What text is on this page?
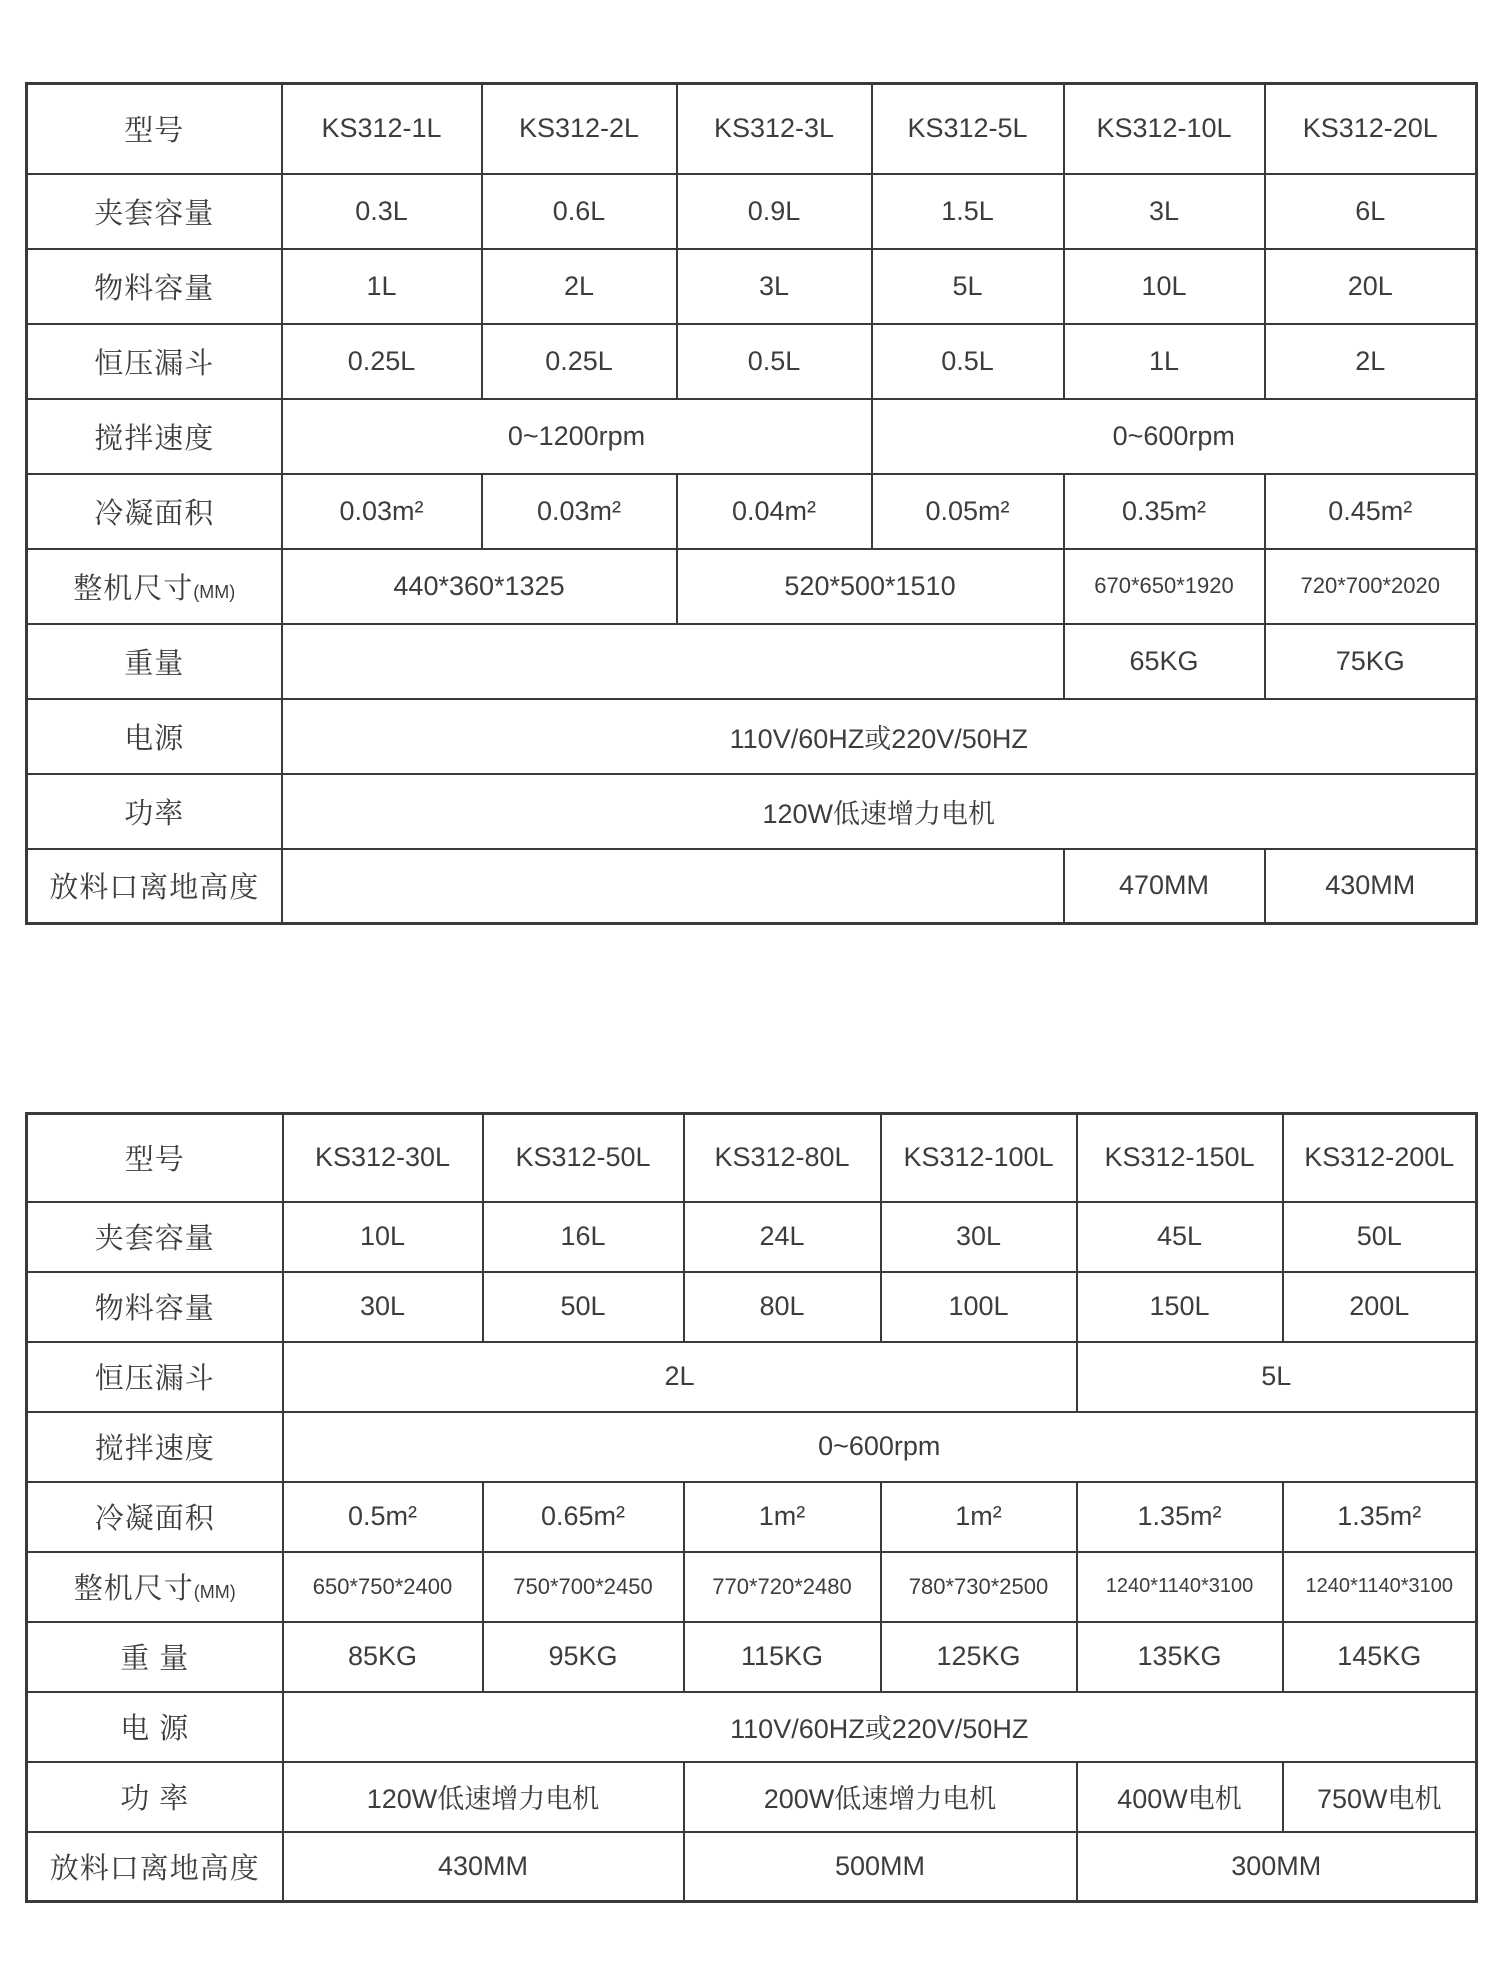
型号	KS312-1L	KS312-2L	KS312-3L	KS312-5L	KS312-10L	KS312-20L
夹套容量	0.3L	0.6L	0.9L	1.5L	3L	6L
物料容量	1L	2L	3L	5L	10L	20L
恒压漏斗	0.25L	0.25L	0.5L	0.5L	1L	2L
搅拌速度	0~1200rpm			0~600rpm		
冷凝面积	0.03m²	0.03m²	0.04m²	0.05m²	0.35m²	0.45m²
整机尺寸(MM)	440*360*1325		520*500*1510		670*650*1920	720*700*2020
重量					65KG	75KG
电源	110V/60HZ或220V/50HZ					
功率	120W低速增力电机					
放料口离地高度					470MM	430MM
型号	KS312-30L	KS312-50L	KS312-80L	KS312-100L	KS312-150L	KS312-200L
夹套容量	10L	16L	24L	30L	45L	50L
物料容量	30L	50L	80L	100L	150L	200L
恒压漏斗	2L				5L	
搅拌速度	0~600rpm					
冷凝面积	0.5m²	0.65m²	1m²	1m²	1.35m²	1.35m²
整机尺寸(MM)	650*750*2400	750*700*2450	770*720*2480	780*730*2500	1240*1140*3100	1240*1140*3100
重 量	85KG	95KG	115KG	125KG	135KG	145KG
电 源	110V/60HZ或220V/50HZ					
功 率	120W低速增力电机		200W低速增力电机		400W电机	750W电机
放料口离地高度	430MM		500MM		300MM	
